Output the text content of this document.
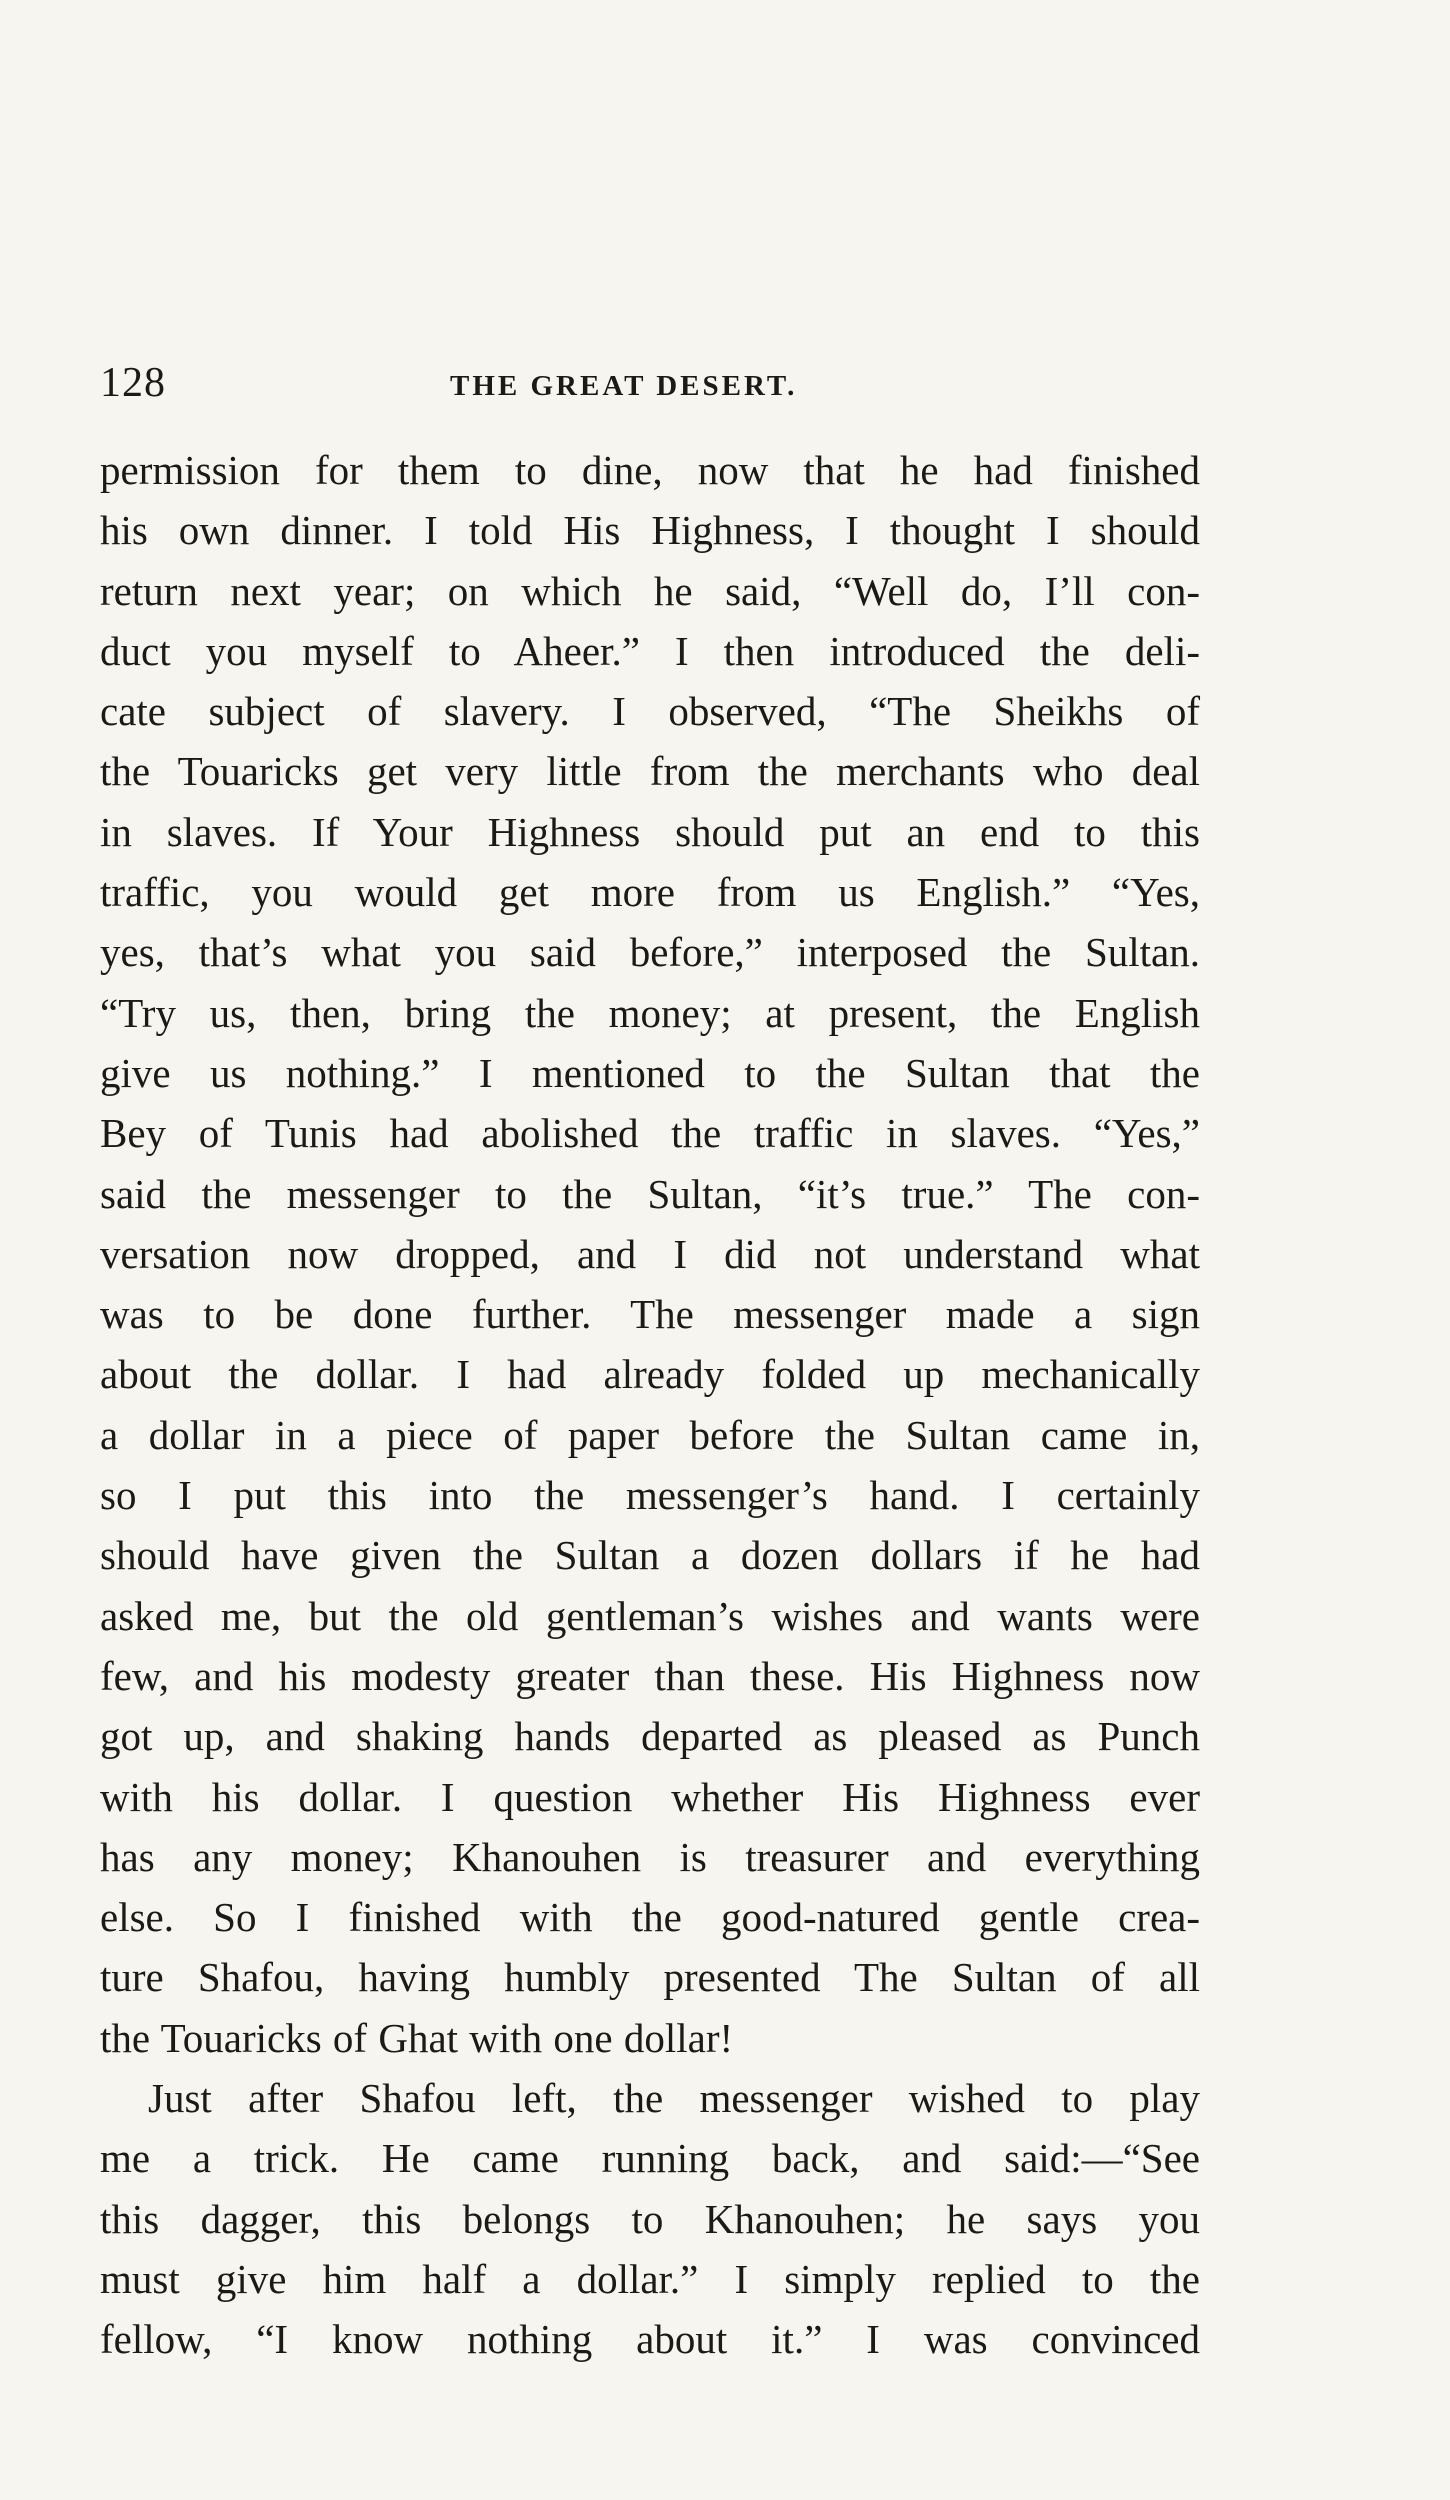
128	THE GREAT DESERT.
permission for them to dine, now that he had finished
his own dinner. I told His Highness, I thought I should
return next year; on which he said, “Well do, I’ll con-
duct you myself to Aheer.” I then introduced the deli-
cate subject of slavery. I observed, “The Sheikhs of
the Touaricks get very little from the merchants who deal
in slaves. If Your Highness should put an end to this
traffic, you would get more from us English.” “Yes,
yes, that’s what you said before,” interposed the Sultan.
“Try us, then, bring the money; at present, the English
give us nothing.” I mentioned to the Sultan that the
Bey of Tunis had abolished the traffic in slaves. “Yes,”
said the messenger to the Sultan, “it’s true.” The con-
versation now dropped, and I did not understand what
was to be done further. The messenger made a sign
about the dollar. I had already folded up mechanically
a dollar in a piece of paper before the Sultan came in,
so I put this into the messenger’s hand. I certainly
should have given the Sultan a dozen dollars if he had
asked me, but the old gentleman’s wishes and wants were
few, and his modesty greater than these. His Highness now
got up, and shaking hands departed as pleased as Punch
with his dollar. I question whether His Highness ever
has any money; Khanouhen is treasurer and everything
else. So I finished with the good-natured gentle crea-
ture Shafou, having humbly presented The Sultan of all
the Touaricks of Ghat with one dollar!
Just after Shafou left, the messenger wished to play
me a trick. He came running back, and said:—“See
this dagger, this belongs to Khanouhen; he says you
must give him half a dollar.” I simply replied to the
fellow, “I know nothing about it.” I was convinced
